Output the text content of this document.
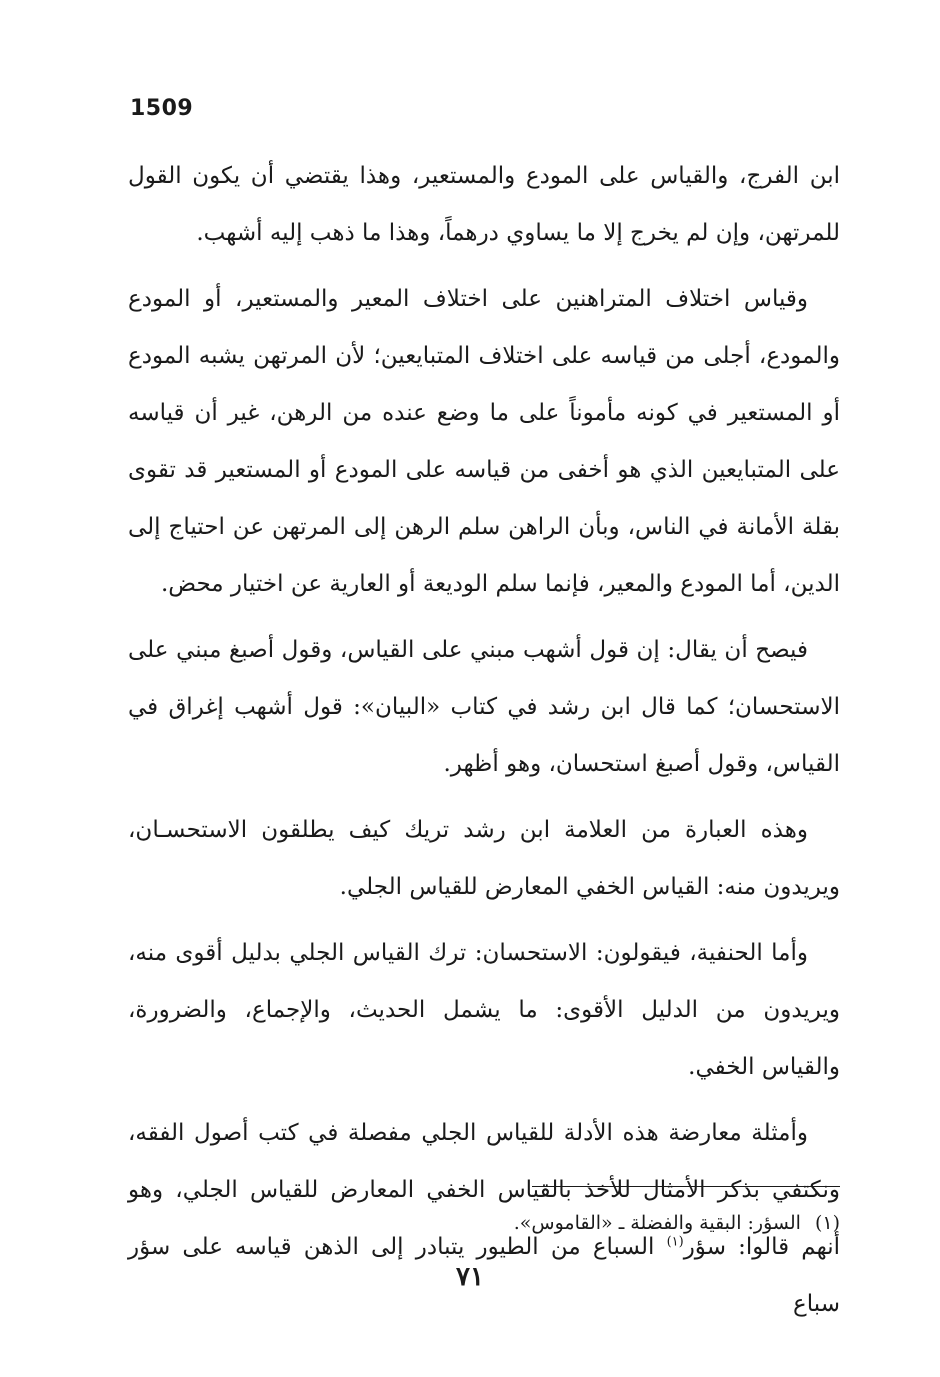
1509

ابن الفرج، والقياس على المودع والمستعير، وهذا يقتضي أن يكون القول للمرتهن، وإن لم يخرج إلا ما يساوي درهماً، وهذا ما ذهب إليه أشهب.

وقياس اختلاف المتراهنين على اختلاف المعير والمستعير، أو المودع والمودع، أجلى من قياسه على اختلاف المتبايعين؛ لأن المرتهن يشبه المودع أو المستعير في كونه مأموناً على ما وضع عنده من الرهن، غير أن قياسه على المتبايعين الذي هو أخفى من قياسه على المودع أو المستعير قد تقوى بقلة الأمانة في الناس، وبأن الراهن سلم الرهن إلى المرتهن عن احتياج إلى الدين، أما المودع والمعير، فإنما سلم الوديعة أو العارية عن اختيار محض.

فيصح أن يقال: إن قول أشهب مبني على القياس، وقول أصبغ مبني على الاستحسان؛ كما قال ابن رشد في كتاب «البيان»: قول أشهب إغراق في القياس، وقول أصبغ استحسان، وهو أظهر.

وهذه العبارة من العلامة ابن رشد تريك كيف يطلقون الاستحسـان، ويريدون منه: القياس الخفي المعارض للقياس الجلي.

وأما الحنفية، فيقولون: الاستحسان: ترك القياس الجلي بدليل أقوى منه، ويريدون من الدليل الأقوى: ما يشمل الحديث، والإجماع، والضرورة، والقياس الخفي.

وأمثلة معارضة هذه الأدلة للقياس الجلي مفصلة في كتب أصول الفقه، ونكتفي بذكر الأمثال للأخذ بالقياس الخفي المعارض للقياس الجلي، وهو أنهم قالوا: سؤر$^{(١)}$ السباع من الطيور يتبادر إلى الذهن قياسه على سؤر سباع

(١)السؤر: البقية والفضلة ـ «القاموس».
٧١
